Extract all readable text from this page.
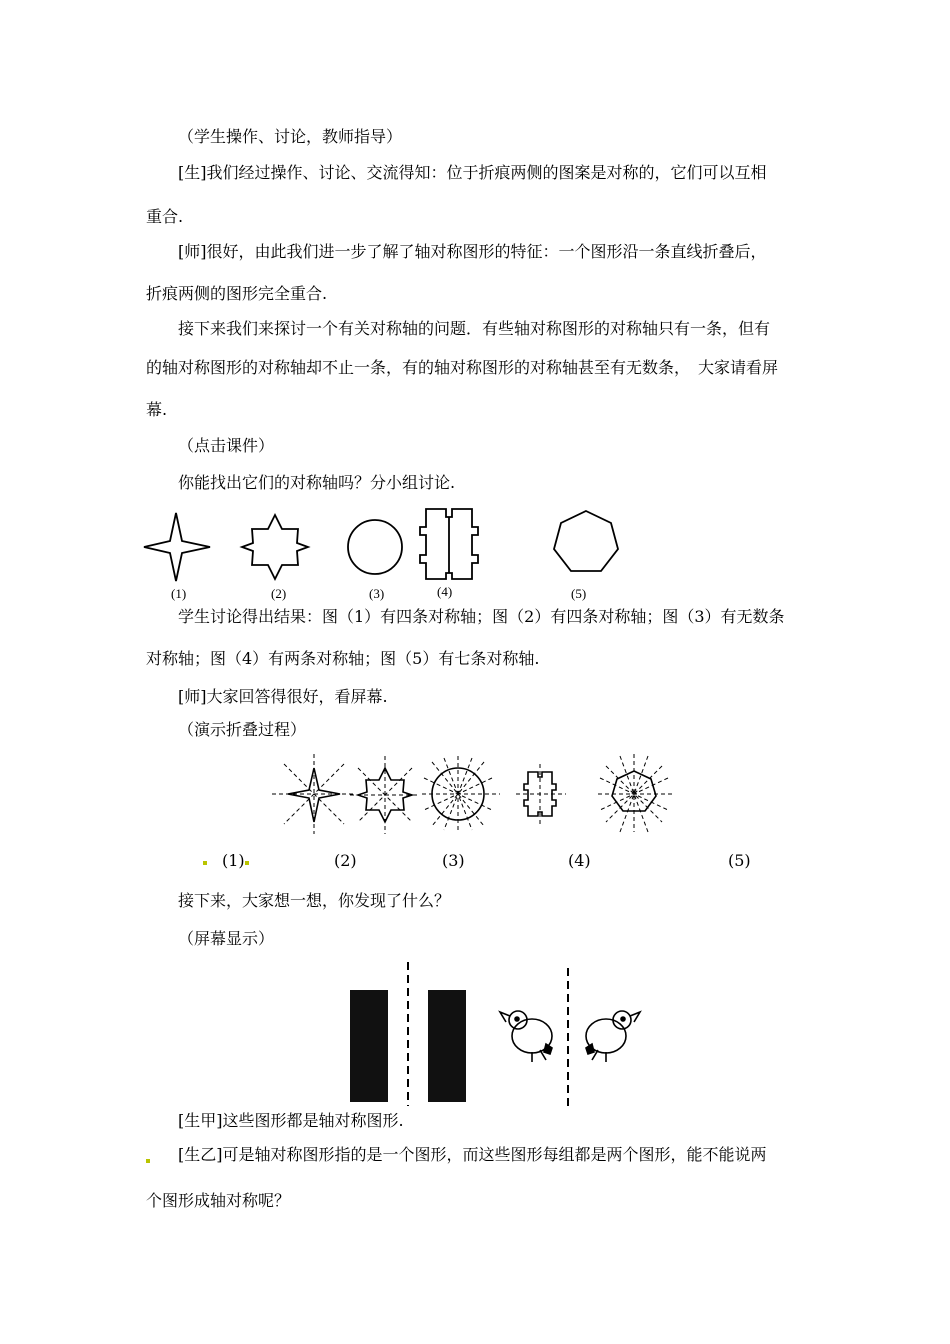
（学生操作、讨论，教师指导）
[生]我们经过操作、讨论、交流得知：位于折痕两侧的图案是对称的，它们可以互相
重合.
[师]很好，由此我们进一步了解了轴对称图形的特征：一个图形沿一条直线折叠后，
折痕两侧的图形完全重合.
接下来我们来探讨一个有关对称轴的问题．有些轴对称图形的对称轴只有一条，但有
的轴对称图形的对称轴却不止一条，有的轴对称图形的对称轴甚至有无数条，　大家请看屏
幕.
（点击课件）
你能找出它们的对称轴吗？分小组讨论.
(1)	(2)	(3)	(4)	(5)
学生讨论得出结果：图（1）有四条对称轴；图（2）有四条对称轴；图（3）有无数条
对称轴；图（4）有两条对称轴；图（5）有七条对称轴.
[师]大家回答得很好，看屏幕.
（演示折叠过程）
(1)	(2)	(3)	(4)	(5)
接下来，大家想一想，你发现了什么？
（屏幕显示）
[生甲]这些图形都是轴对称图形.
[生乙]可是轴对称图形指的是一个图形，而这些图形每组都是两个图形，能不能说两
个图形成轴对称呢？
